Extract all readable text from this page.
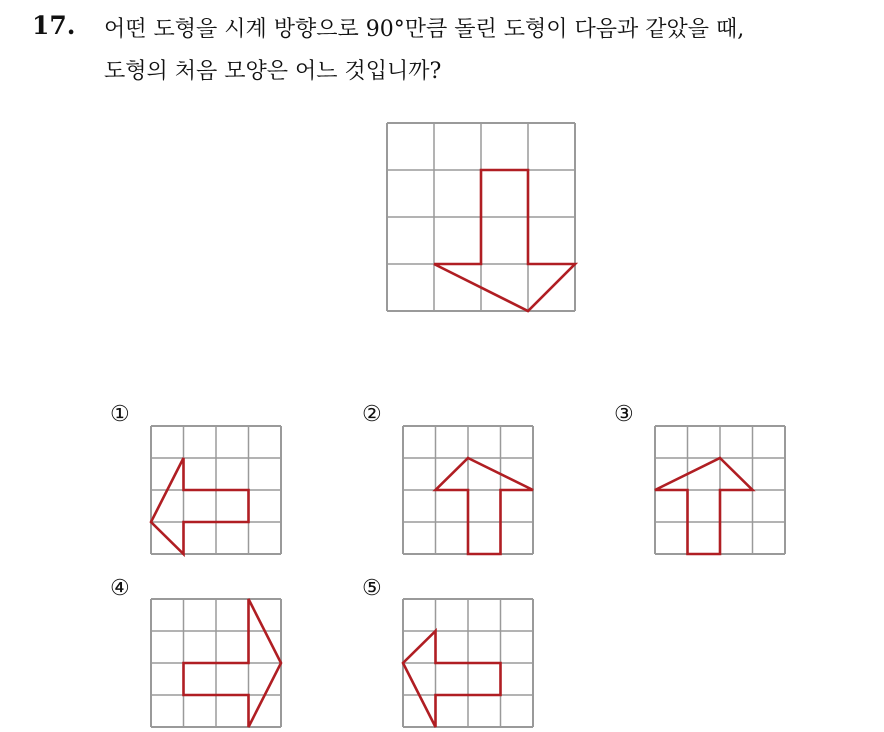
17. 어떤 도형을 시계 방향으로 90°만큼 돌린 도형이 다음과 같았을 때,
도형의 처음 모양은 어느 것입니까?
①	②	③
④	⑤
